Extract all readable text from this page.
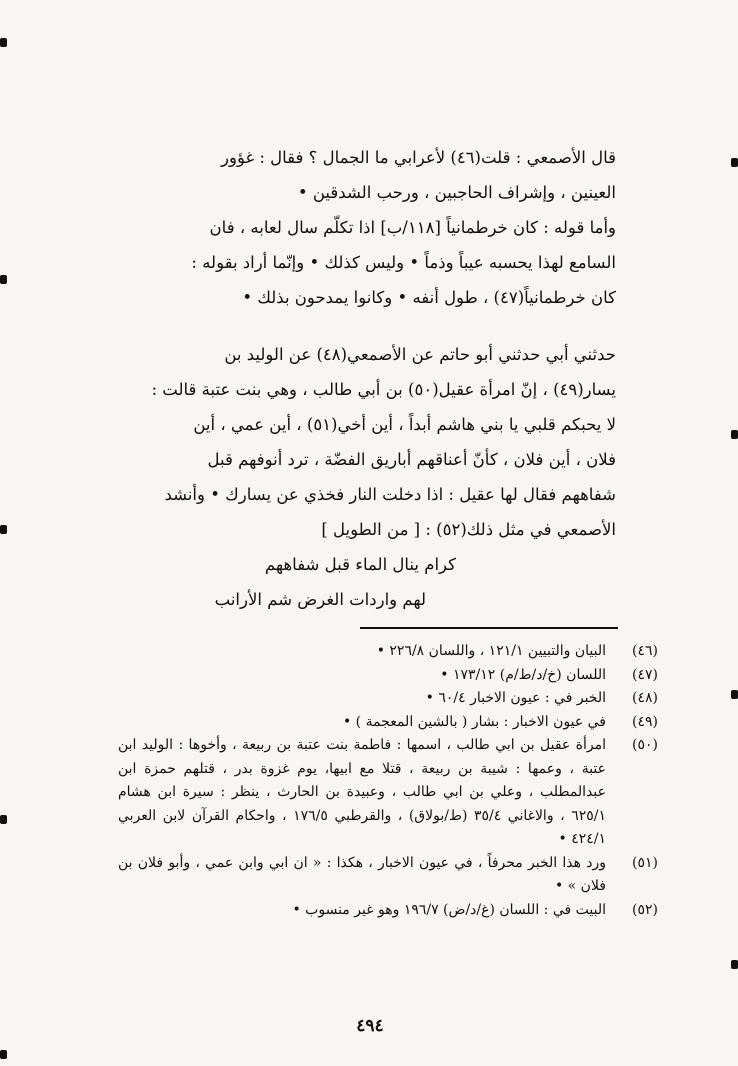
قال الأصمعي : قلت(٤٦) لأعرابي ما الجمال ؟ فقال : غؤور

العينين ، وإشراف الحاجبين ، ورحب الشدقين •

وأما قوله : كان خرطمانياً [١١٨/ب] اذا تكلّم سال لعابه ، فان

السامع لهذا يحسبه عيباً وذماً • وليس كذلك • وإنّما أراد بقوله :

كان خرطمانياً(٤٧) ، طول أنفه • وكانوا يمدحون بذلك •

حدثني أبي حدثني أبو حاتم عن الأصمعي(٤٨) عن الوليد بن

يسار(٤٩) ، إنّ امرأة عقيل(٥٠) بن أبي طالب ، وهي بنت عتبة قالت :

لا يحبكم قلبي يا بني هاشم أبداً ، أين أخي(٥١) ، أين عمي ، أين

فلان ، أين فلان ، كأنّ أعناقهم أباريق الفضّة ، ترد أنوفهم قبل

شفاههم فقال لها عقيل : اذا دخلت النار فخذي عن يسارك • وأنشد

الأصمعي في مثل ذلك(٥٢) : [ من الطويل ]

كرام ينال الماء قبل شفاههم

لهم واردات الغرض شم الأرانب

(٤٦)
البيان والتبيين ١٢١/١ ، واللسان ٢٢٦/٨ •
(٤٧)
اللسان (خ/د/ط/م) ١٧٣/١٢ •
(٤٨)
الخبر في : عيون الاخبار ٦٠/٤ •
(٤٩)
في عيون الاخبار : بشار ( بالشين المعجمة ) •
(٥٠)
امرأة عقيل بن ابي طالب ، اسمها : فاطمة بنت عتبة بن ربيعة ، وأخوها : الوليد ابن عتبة ، وعمها : شيبة بن ربيعة ، قتلا مع ابيها، يوم غزوة بدر ، قتلهم حمزة ابن عبدالمطلب ، وعلي بن ابي طالب ، وعبيدة بن الحارث ، ينظر : سيرة ابن هشام ٦٢٥/١ ، والاغاني ٣٥/٤ (ط/بولاق) ، والقرطبي ١٧٦/٥ ، واحكام القرآن لابن العربي ٤٢٤/١ •
(٥١)
ورد هذا الخبر محرفاً ، في عيون الاخبار ، هكذا : « ان ابي وابن عمي ، وأبو فلان بن فلان » •
(٥٢)
البيت في : اللسان (غ/د/ض) ١٩٦/٧ وهو غير منسوب •
٤٩٤
